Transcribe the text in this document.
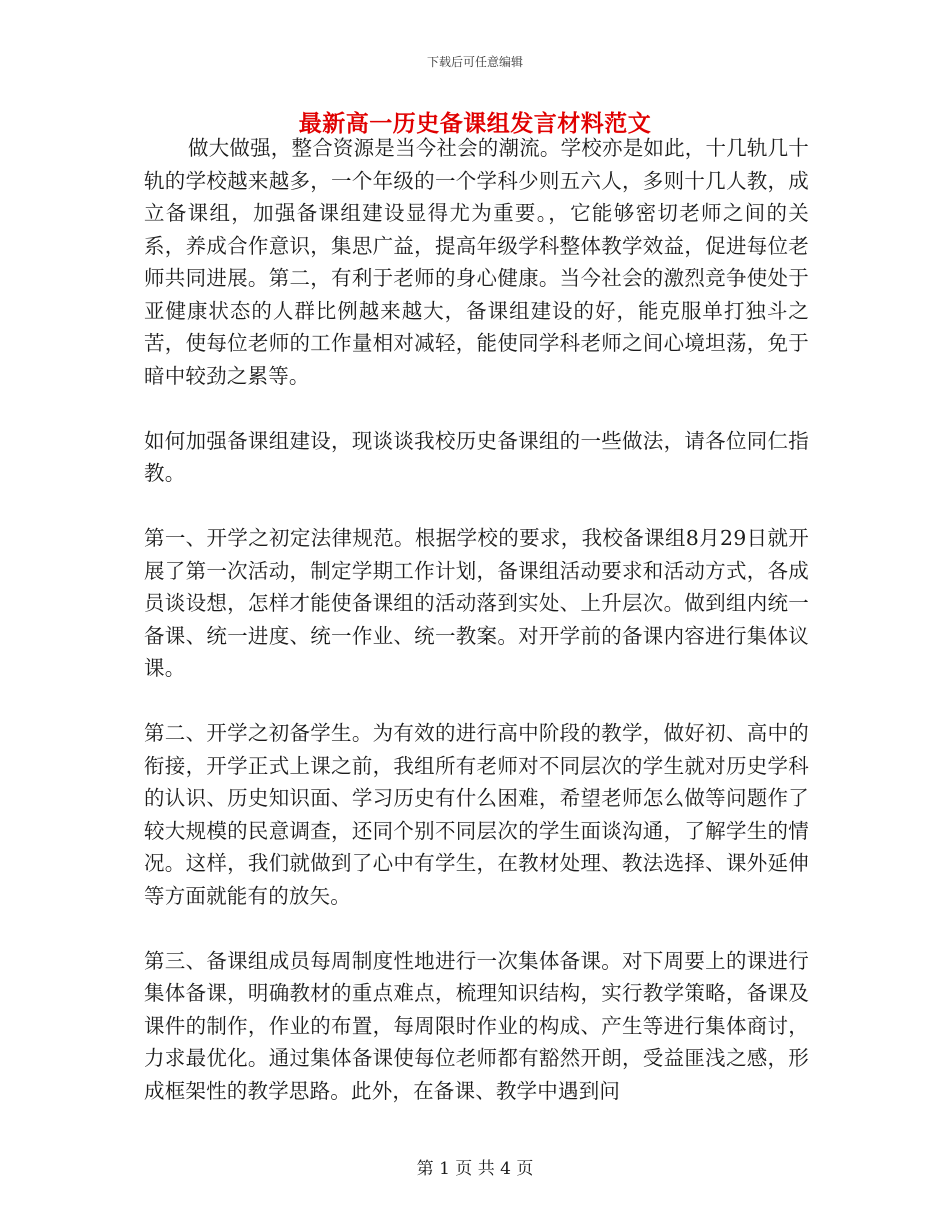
下载后可任意编辑
最新高一历史备课组发言材料范文

做大做强，整合资源是当今社会的潮流。学校亦是如此，十几轨几十轨的学校越来越多，一个年级的一个学科少则五六人，多则十几人教，成立备课组，加强备课组建设显得尤为重要。，它能够密切老师之间的关系，养成合作意识，集思广益，提高年级学科整体教学效益，促进每位老师共同进展。第二，有利于老师的身心健康。当今社会的激烈竞争使处于亚健康状态的人群比例越来越大，备课组建设的好，能克服单打独斗之苦，使每位老师的工作量相对减轻，能使同学科老师之间心境坦荡，免于暗中较劲之累等。

如何加强备课组建设，现谈谈我校历史备课组的一些做法，请各位同仁指教。

第一、开学之初定法律规范。根据学校的要求，我校备课组8月29日就开展了第一次活动，制定学期工作计划，备课组活动要求和活动方式，各成员谈设想，怎样才能使备课组的活动落到实处、上升层次。做到组内统一备课、统一进度、统一作业、统一教案。对开学前的备课内容进行集体议课。

第二、开学之初备学生。为有效的进行高中阶段的教学，做好初、高中的衔接，开学正式上课之前，我组所有老师对不同层次的学生就对历史学科的认识、历史知识面、学习历史有什么困难，希望老师怎么做等问题作了较大规模的民意调查，还同个别不同层次的学生面谈沟通，了解学生的情况。这样，我们就做到了心中有学生，在教材处理、教法选择、课外延伸等方面就能有的放矢。

第三、备课组成员每周制度性地进行一次集体备课。对下周要上的课进行集体备课，明确教材的重点难点，梳理知识结构，实行教学策略，备课及课件的制作，作业的布置，每周限时作业的构成、产生等进行集体商讨，力求最优化。通过集体备课使每位老师都有豁然开朗，受益匪浅之感，形成框架性的教学思路。此外，在备课、教学中遇到问

第 1 页 共 4 页
